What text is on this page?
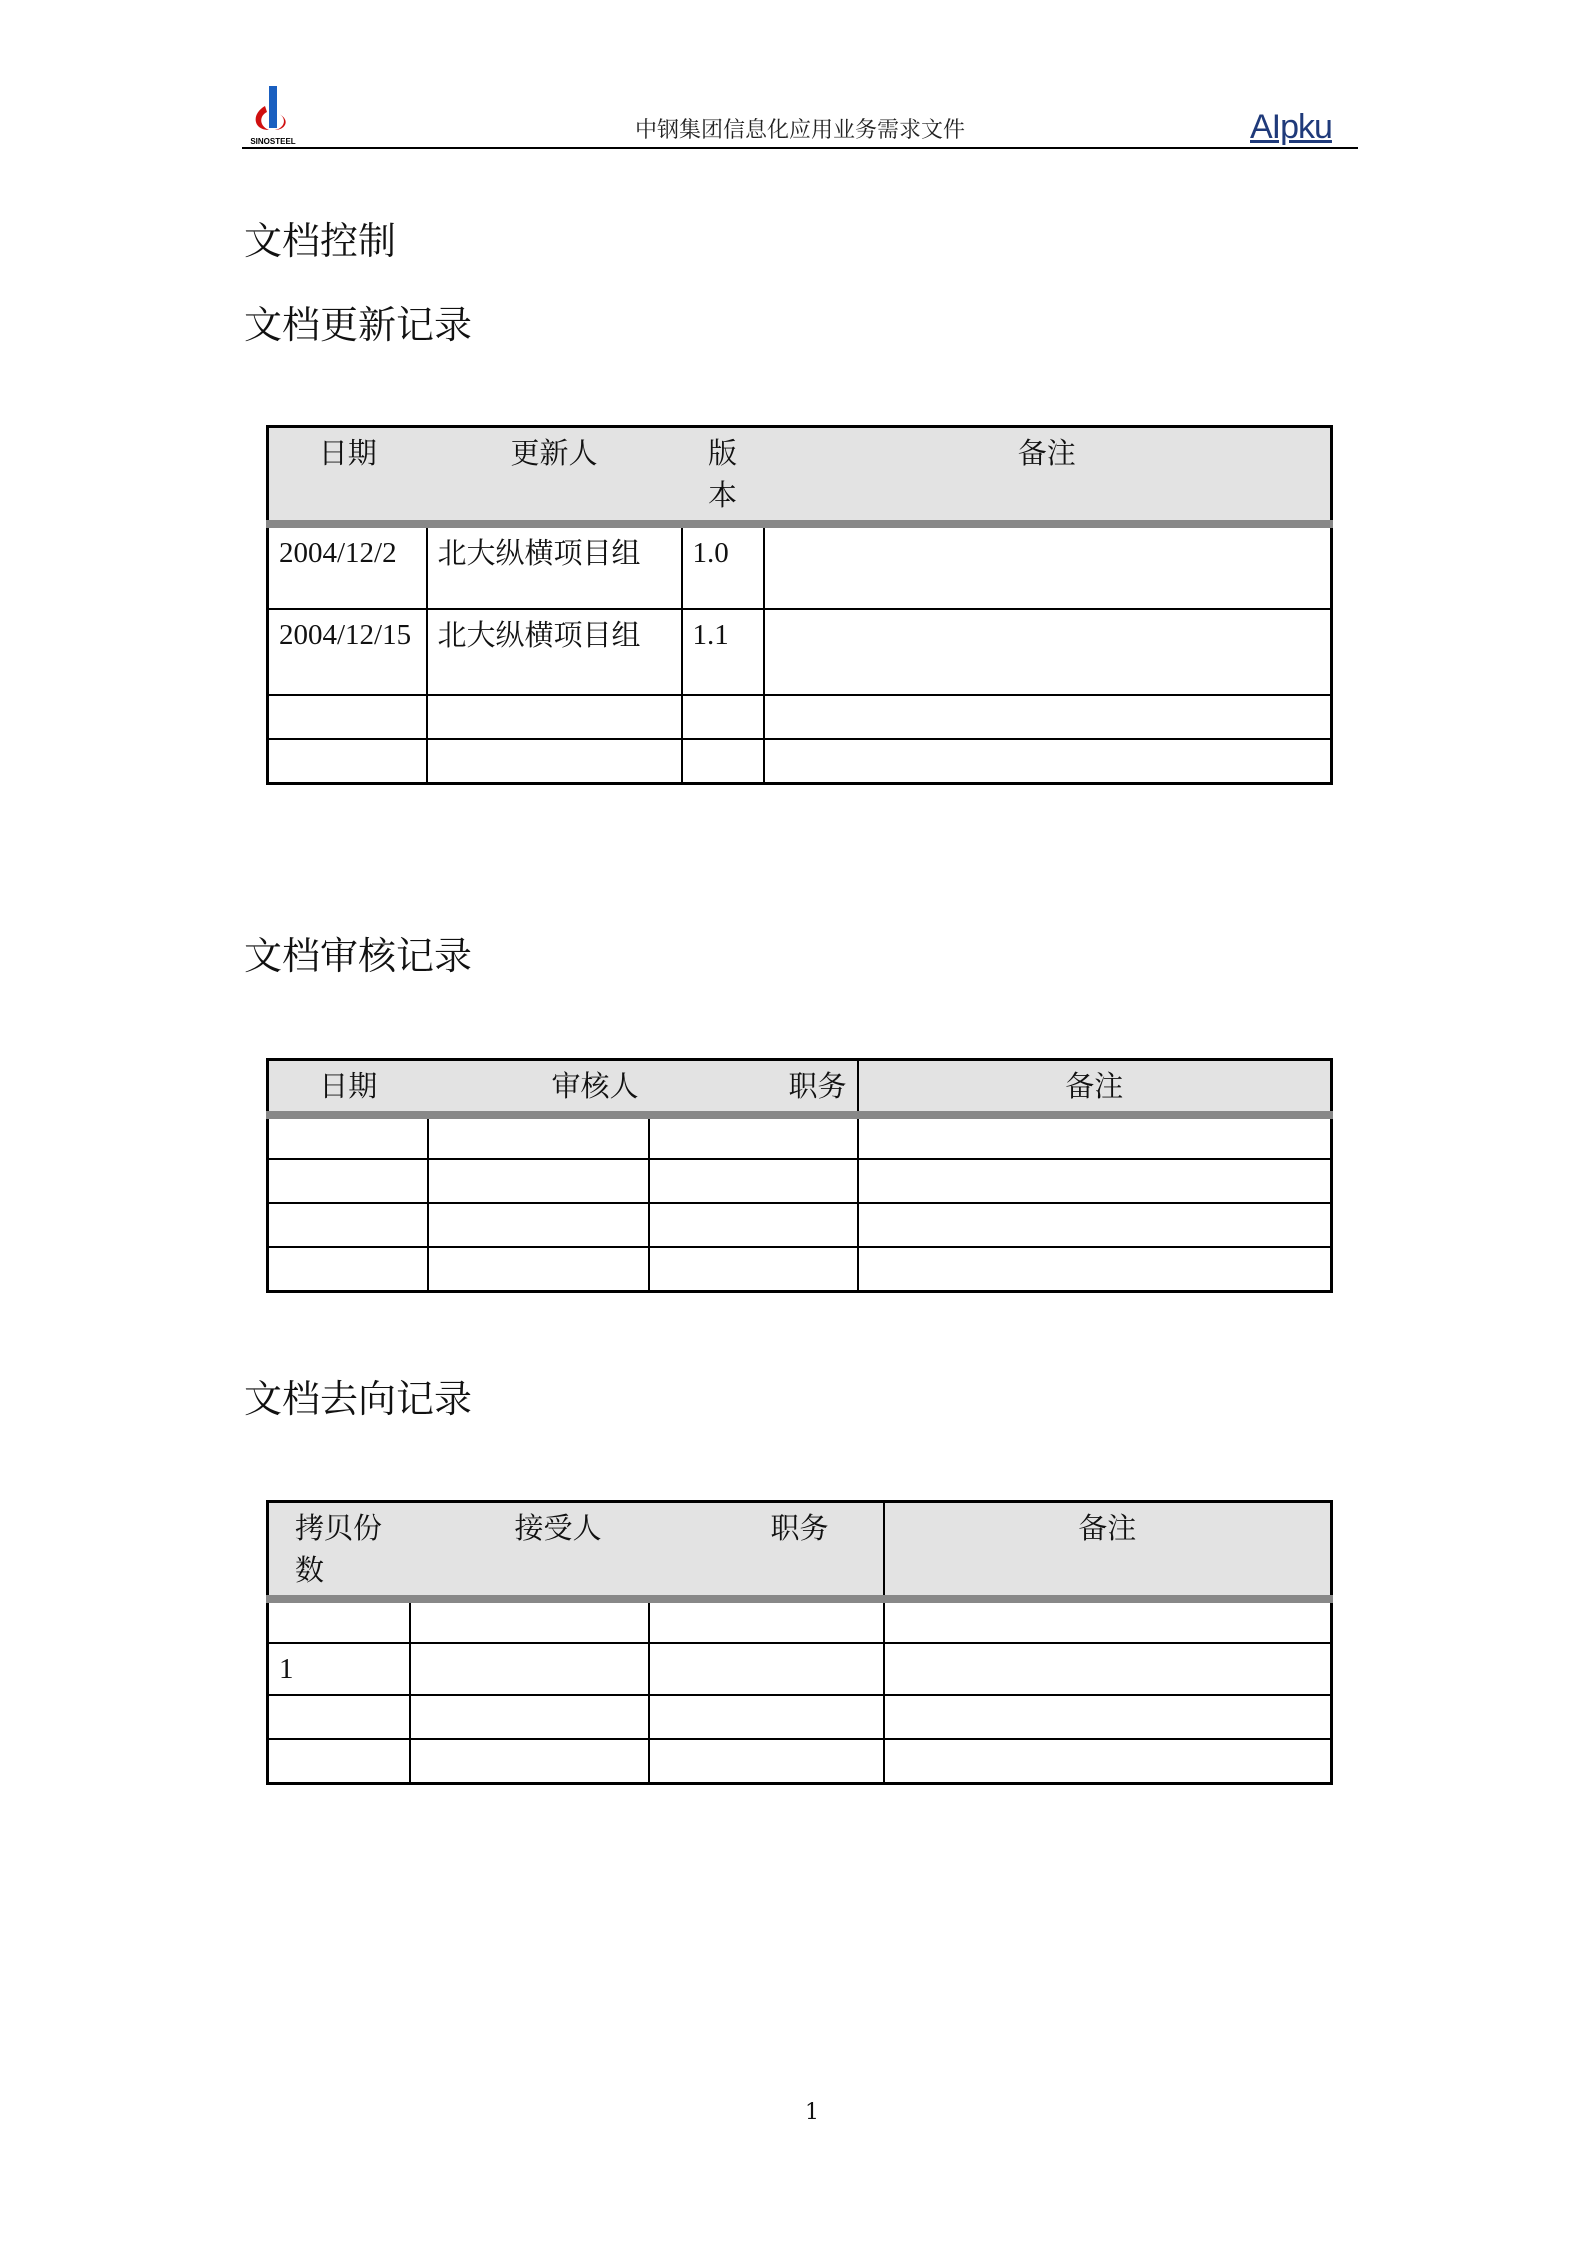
SINOSTEEL	中钢集团信息化应用业务需求文件	AIpku
文档控制
文档更新记录
日期	更新人	版本	备注
2004/12/2	北大纵横项目组	1.0	
2004/12/15	北大纵横项目组	1.1	

文档审核记录
日期	审核人	职务	备注

文档去向记录
拷贝份数	接受人	职务	备注

1			

1
